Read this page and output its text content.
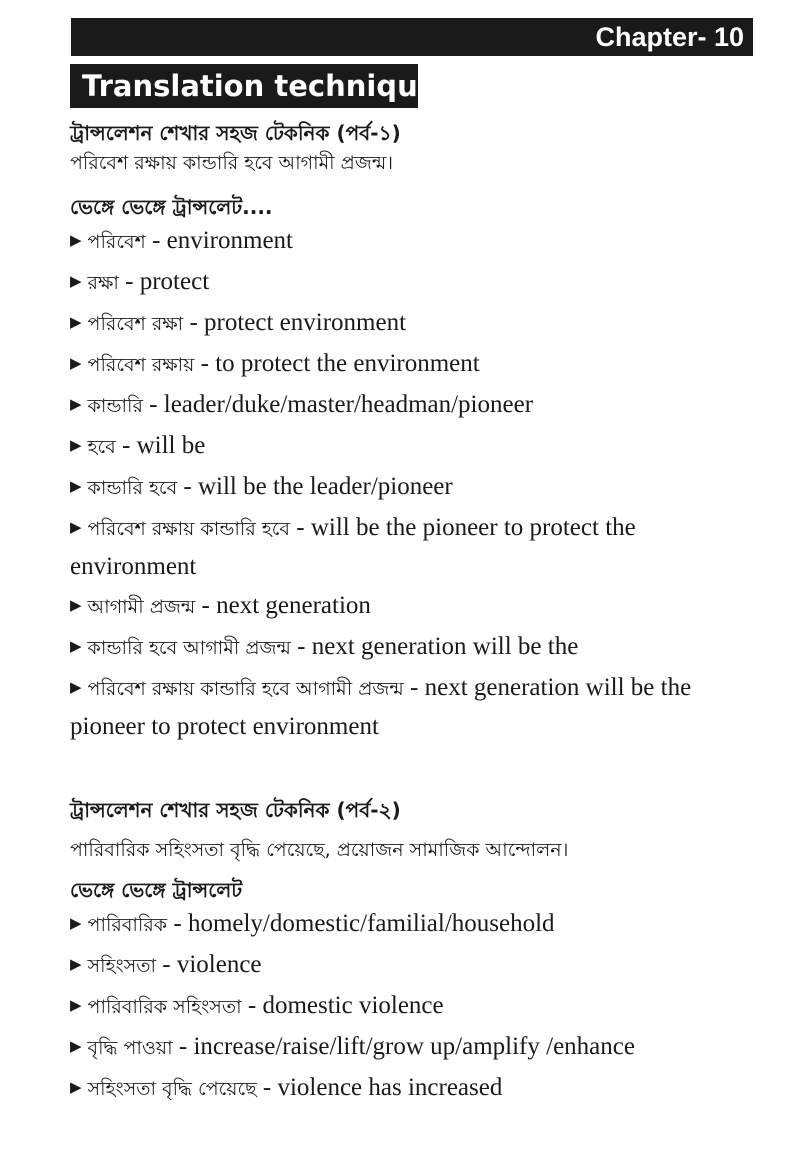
Chapter- 10
Translation technique

ট্রান্সলেশন শেখার সহজ টেকনিক (পর্ব-১)

পরিবেশ রক্ষায় কান্ডারি হবে আগামী প্রজন্ম।

ভেঙ্গে ভেঙ্গে ট্রান্সলেট....
▶ পরিবেশ - environment
▶ রক্ষা - protect
▶ পরিবেশ রক্ষা - protect environment
▶ পরিবেশ রক্ষায় - to protect the environment
▶ কান্ডারি - leader/duke/master/headman/pioneer
▶ হবে - will be
▶ কান্ডারি হবে - will be the leader/pioneer
▶ পরিবেশ রক্ষায় কান্ডারি হবে - will be the pioneer to protect the environment
▶ আগামী প্রজন্ম - next generation
▶ কান্ডারি হবে আগামী প্রজন্ম - next generation will be the
▶ পরিবেশ রক্ষায় কান্ডারি হবে আগামী প্রজন্ম - next generation will be the pioneer to protect environment

ট্রান্সলেশন শেখার সহজ টেকনিক (পর্ব-২)

পারিবারিক সহিংসতা বৃদ্ধি পেয়েছে, প্রয়োজন সামাজিক আন্দোলন।

ভেঙ্গে ভেঙ্গে ট্রান্সলেট
▶ পারিবারিক - homely/domestic/familial/household
▶ সহিংসতা - violence
▶ পারিবারিক সহিংসতা - domestic violence
▶ বৃদ্ধি পাওয়া - increase/raise/lift/grow up/amplify /enhance
▶ সহিংসতা বৃদ্ধি পেয়েছে - violence has increased
